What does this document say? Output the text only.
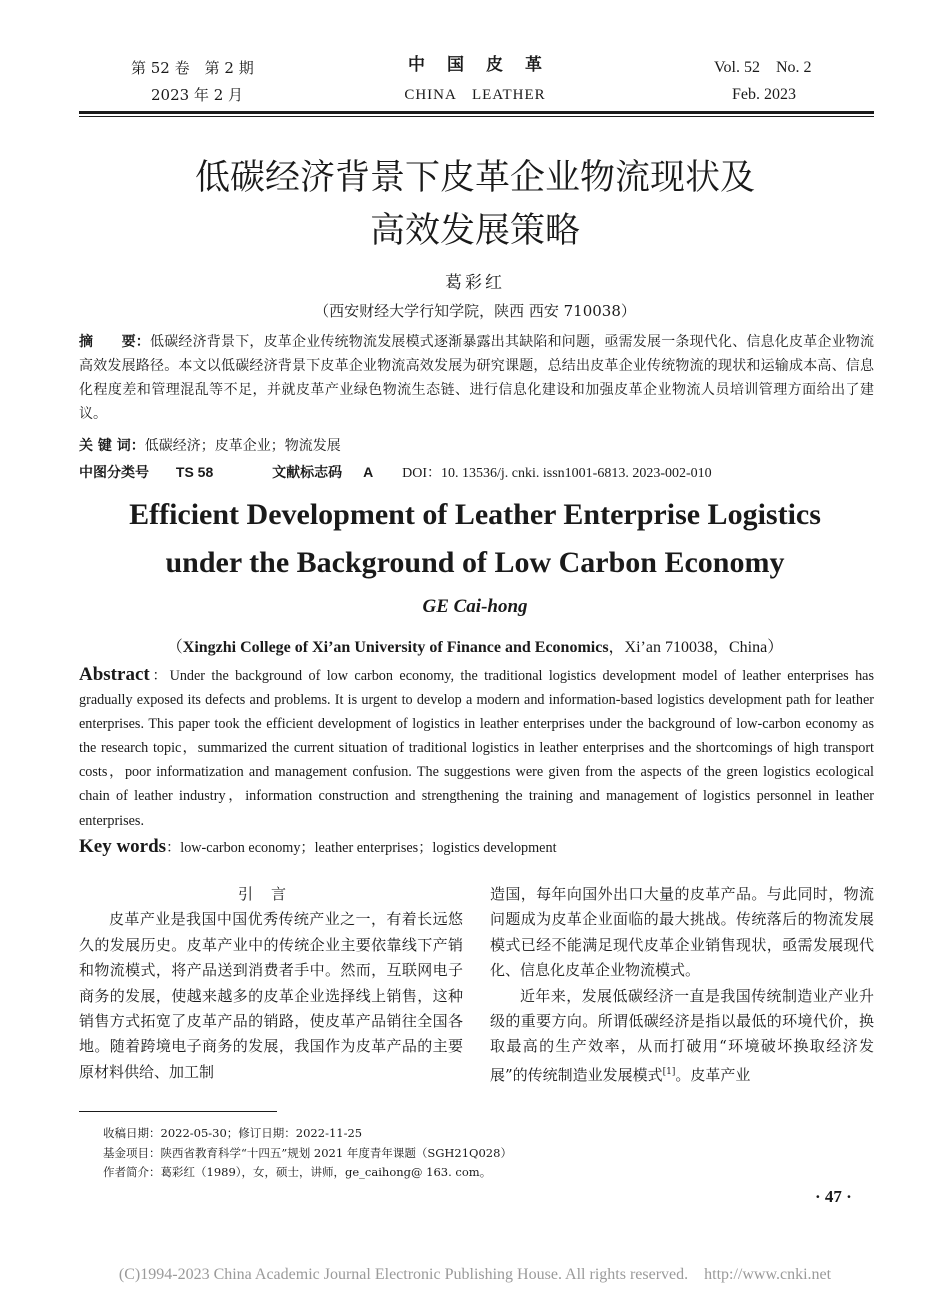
第 52 卷　第 2 期
2023 年 2 月
中国皮革
CHINA　LEATHER
Vol. 52　No. 2
Feb. 2023
低碳经济背景下皮革企业物流现状及
高效发展策略
葛彩红
（西安财经大学行知学院，陕西 西安 710038）
摘　　要：低碳经济背景下，皮革企业传统物流发展模式逐渐暴露出其缺陷和问题，亟需发展一条现代化、信息化皮革企业物流高效发展路径。本文以低碳经济背景下皮革企业物流高效发展为研究课题，总结出皮革企业传统物流的现状和运输成本高、信息化程度差和管理混乱等不足，并就皮革产业绿色物流生态链、进行信息化建设和加强皮革企业物流人员培训管理方面给出了建议。
关 键 词：低碳经济；皮革企业；物流发展
中图分类号 TS 58	文献标志码 A DOI：10. 13536/j. cnki. issn1001-6813. 2023-002-010
Efficient Development of Leather Enterprise Logistics
under the Background of Low Carbon Economy
GE Cai-hong
（Xingzhi College of Xi’an University of Finance and Economics，Xi’an 710038，China）
Abstract：Under the background of low carbon economy, the traditional logistics development model of leather enterprises has gradually exposed its defects and problems. It is urgent to develop a modern and information-based logistics development path for leather enterprises. This paper took the efficient development of logistics in leather enterprises under the background of low-carbon economy as the research topic，summarized the current situation of traditional logistics in leather enterprises and the shortcomings of high transport costs，poor informatization and management confusion. The suggestions were given from the aspects of the green logistics ecological chain of leather industry，information construction and strengthening the training and management of logistics personnel in leather enterprises.
Key words：low-carbon economy；leather enterprises；logistics development

引言

皮革产业是我国中国优秀传统产业之一，有着长远悠久的发展历史。皮革产业中的传统企业主要依靠线下产销和物流模式，将产品送到消费者手中。然而，互联网电子商务的发展，使越来越多的皮革企业选择线上销售，这种销售方式拓宽了皮革产品的销路，使皮革产品销往全国各地。随着跨境电子商务的发展，我国作为皮革产品的主要原材料供给、加工制

造国，每年向国外出口大量的皮革产品。与此同时，物流问题成为皮革企业面临的最大挑战。传统落后的物流发展模式已经不能满足现代皮革企业销售现状，亟需发展现代化、信息化皮革企业物流模式。

近年来，发展低碳经济一直是我国传统制造业产业升级的重要方向。所谓低碳经济是指以最低的环境代价，换取最高的生产效率，从而打破用“环境破坏换取经济发展”的传统制造业发展模式[1]。皮革产业

收稿日期：2022-05-30；修订日期：2022-11-25
基金项目：陕西省教育科学“十四五”规划 2021 年度青年课题（SGH21Q028）
作者简介：葛彩红（1989），女，硕士，讲师，ge_caihong@ 163. com。
· 47 ·
(C)1994-2023 China Academic Journal Electronic Publishing House. All rights reserved.　http://www.cnki.net
